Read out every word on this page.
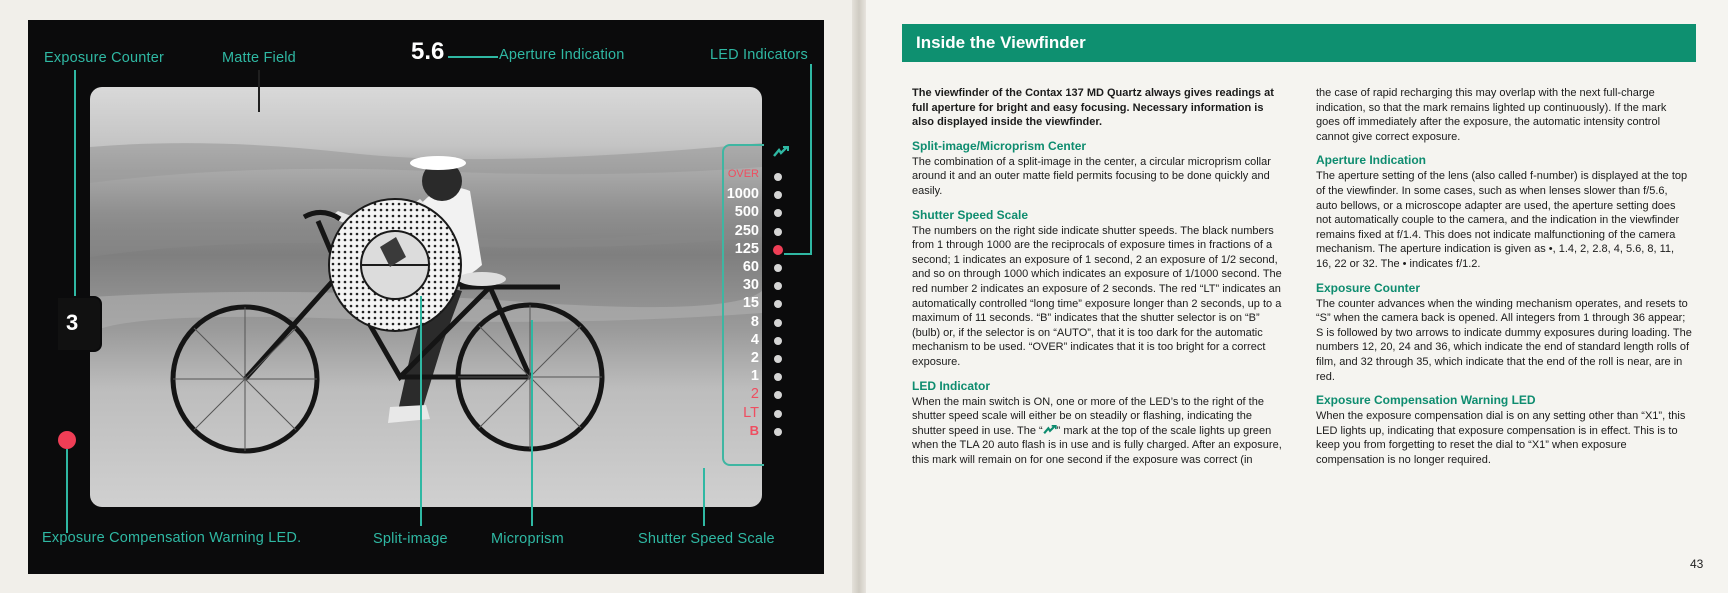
Exposure Counter	Matte Field	5.6	Aperture Indication	LED Indicators
3
Exposure Compensation Warning LED.	Split-image	Microprism	Shutter Speed Scale
Inside the Viewfinder

The viewfinder of the Contax 137 MD Quartz always gives readings at full aperture for bright and easy focusing. Necessary information is also displayed inside the viewfinder.

Split-image/Microprism Center

The combination of a split-image in the center, a circular microprism collar around it and an outer matte field permits focusing to be done quickly and easily.

Shutter Speed Scale

The numbers on the right side indicate shutter speeds. The black numbers from 1 through 1000 are the reciprocals of exposure times in fractions of a second; 1 indicates an exposure of 1 second, 2 an exposure of 1/2 second, and so on through 1000 which indicates an exposure of 1/1000 second. The red number 2 indicates an exposure of 2 seconds. The red “LT” indicates an automatically controlled “long time” exposure longer than 2 seconds, up to a maximum of 11 seconds. “B” indicates that the shutter selector is on “B” (bulb) or, if the selector is on “AUTO”, that it is too dark for the automatic mechanism to be used. “OVER” indicates that it is too bright for a correct exposure.

LED Indicator

When the main switch is ON, one or more of the LED’s to the right of the shutter speed scale will either be on steadily or flashing, indicating the shutter speed in use. The “ ” mark at the top of the scale lights up green when the TLA 20 auto flash is in use and is fully charged. After an exposure, this mark will remain on for one second if the exposure was correct (in

the case of rapid recharging this may overlap with the next full-charge indication, so that the mark remains lighted up continuously). If the mark goes off immediately after the exposure, the automatic intensity control cannot give correct exposure.

Aperture Indication

The aperture setting of the lens (also called f-number) is displayed at the top of the viewfinder. In some cases, such as when lenses slower than f/5.6, auto bellows, or a microscope adapter are used, the aperture setting does not automatically couple to the camera, and the indication in the viewfinder remains fixed at f/1.4. This does not indicate malfunctioning of the camera mechanism. The aperture indication is given as •, 1.4, 2, 2.8, 4, 5.6, 8, 11, 16, 22 or 32. The • indicates f/1.2.

Exposure Counter

The counter advances when the winding mechanism operates, and resets to “S” when the camera back is opened. All integers from 1 through 36 appear; S is followed by two arrows to indicate dummy exposures during loading. The numbers 12, 20, 24 and 36, which indicate the end of standard length rolls of film, and 32 through 35, which indicate that the end of the roll is near, are in red.

Exposure Compensation Warning LED

When the exposure compensation dial is on any setting other than “X1”, this LED lights up, indicating that exposure compensation is in effect. This is to keep you from forgetting to reset the dial to “X1” when exposure compensation is no longer required.

43
OVER
1000
500
250
125
60
30
15
8
4
2
1
2
LT
B
